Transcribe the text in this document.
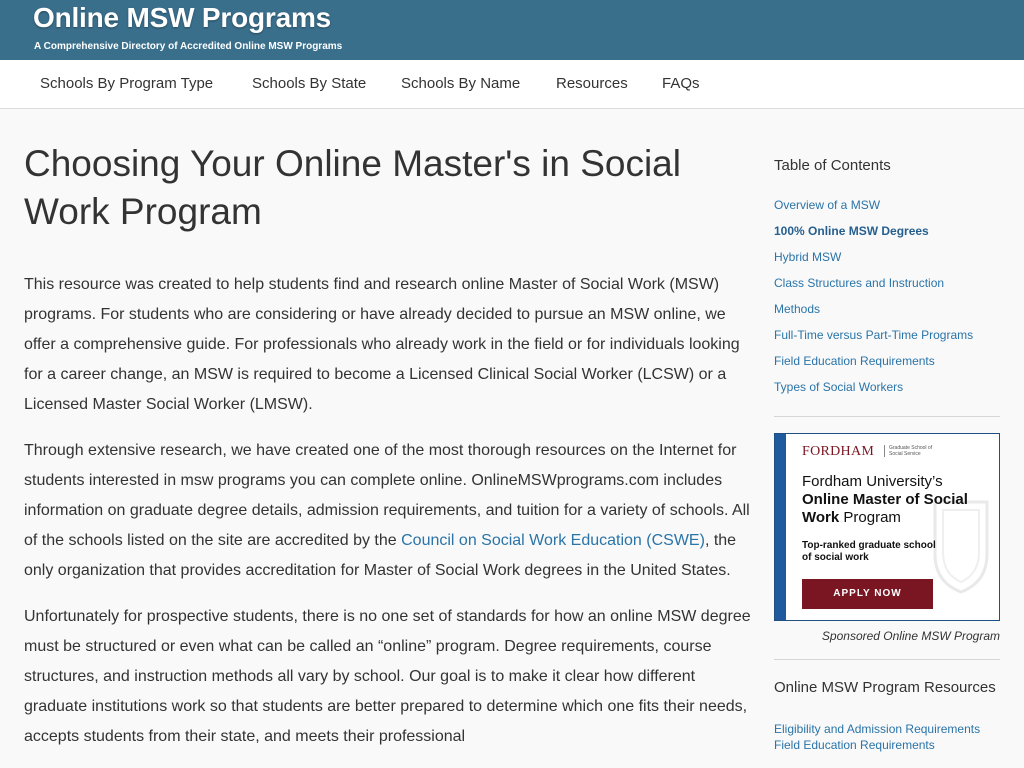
Online MSW Programs
A Comprehensive Directory of Accredited Online MSW Programs
Schools By Program Type	Schools By State Schools By Name Resources FAQs
Choosing Your Online Master's in Social Work Program

This resource was created to help students find and research online Master of Social Work (MSW) programs. For students who are considering or have already decided to pursue an MSW online, we offer a comprehensive guide. For professionals who already work in the field or for individuals looking for a career change, an MSW is required to become a Licensed Clinical Social Worker (LCSW) or a Licensed Master Social Worker (LMSW).

Through extensive research, we have created one of the most thorough resources on the Internet for students interested in msw programs you can complete online. OnlineMSWprograms.com includes information on graduate degree details, admission requirements, and tuition for a variety of schools. All of the schools listed on the site are accredited by the Council on Social Work Education (CSWE), the only organization that provides accreditation for Master of Social Work degrees in the United States.

Unfortunately for prospective students, there is no one set of standards for how an online MSW degree must be structured or even what can be called an “online” program. Degree requirements, course structures, and instruction methods all vary by school. Our goal is to make it clear how different graduate institutions work so that students are better prepared to determine which one fits their needs, accepts students from their state, and meets their professional

Table of Contents
Overview of a MSW
100% Online MSW Degrees
Hybrid MSW
Class Structures and Instruction
Methods
Full-Time versus Part-Time Programs
Field Education Requirements
Types of Social Workers
FORDHAM	Graduate School of Social Service
Fordham University’s
Online Master of Social
Work Program
Top-ranked graduate school of social work
APPLY NOW
Sponsored Online MSW Program
Online MSW Program Resources
Eligibility and Admission Requirements
Field Education Requirements
